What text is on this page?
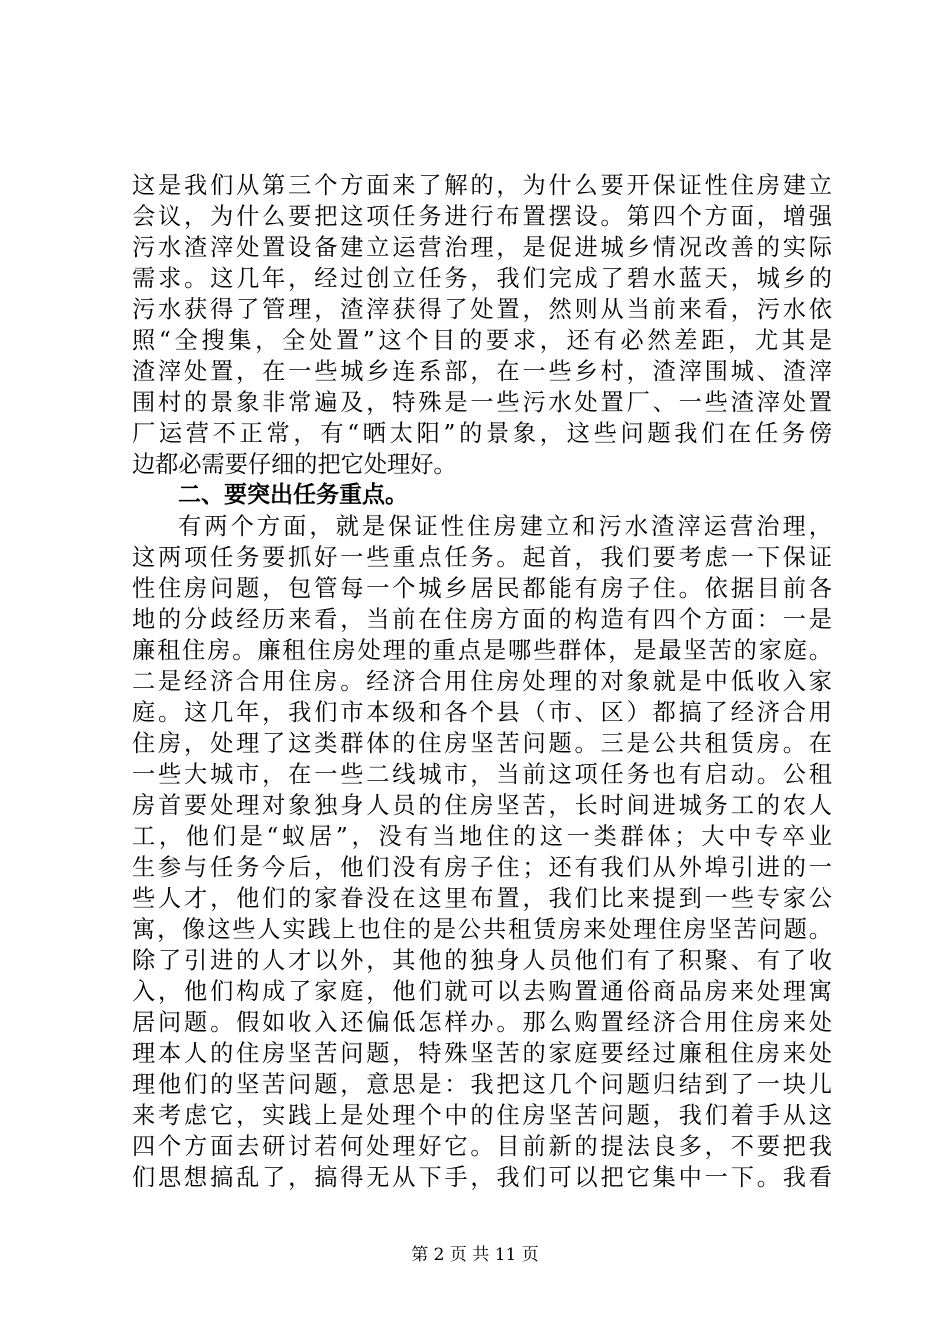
这是我们从第三个方面来了解的，为什么要开保证性住房建立
会议，为什么要把这项任务进行布置摆设。第四个方面，增强
污水渣滓处置设备建立运营治理，是促进城乡情况改善的实际
需求。这几年，经过创立任务，我们完成了碧水蓝天，城乡的
污水获得了管理，渣滓获得了处置，然则从当前来看，污水依
照“全搜集，全处置”这个目的要求，还有必然差距，尤其是
渣滓处置，在一些城乡连系部，在一些乡村，渣滓围城、渣滓
围村的景象非常遍及，特殊是一些污水处置厂、一些渣滓处置
厂运营不正常，有“晒太阳”的景象，这些问题我们在任务傍
边都必需要仔细的把它处理好。
二、要突出任务重点。
有两个方面，就是保证性住房建立和污水渣滓运营治理，
这两项任务要抓好一些重点任务。起首，我们要考虑一下保证
性住房问题，包管每一个城乡居民都能有房子住。依据目前各
地的分歧经历来看，当前在住房方面的构造有四个方面：一是
廉租住房。廉租住房处理的重点是哪些群体，是最坚苦的家庭。
二是经济合用住房。经济合用住房处理的对象就是中低收入家
庭。这几年，我们市本级和各个县（市、区）都搞了经济合用
住房，处理了这类群体的住房坚苦问题。三是公共租赁房。在
一些大城市，在一些二线城市，当前这项任务也有启动。公租
房首要处理对象独身人员的住房坚苦，长时间进城务工的农人
工，他们是“蚁居”，没有当地住的这一类群体；大中专卒业
生参与任务今后，他们没有房子住；还有我们从外埠引进的一
些人才，他们的家眷没在这里布置，我们比来提到一些专家公
寓，像这些人实践上也住的是公共租赁房来处理住房坚苦问题。
除了引进的人才以外，其他的独身人员他们有了积聚、有了收
入，他们构成了家庭，他们就可以去购置通俗商品房来处理寓
居问题。假如收入还偏低怎样办。那么购置经济合用住房来处
理本人的住房坚苦问题，特殊坚苦的家庭要经过廉租住房来处
理他们的坚苦问题，意思是：我把这几个问题归结到了一块儿
来考虑它，实践上是处理个中的住房坚苦问题，我们着手从这
四个方面去研讨若何处理好它。目前新的提法良多，不要把我
们思想搞乱了，搞得无从下手，我们可以把它集中一下。我看
第 2 页 共 11 页
